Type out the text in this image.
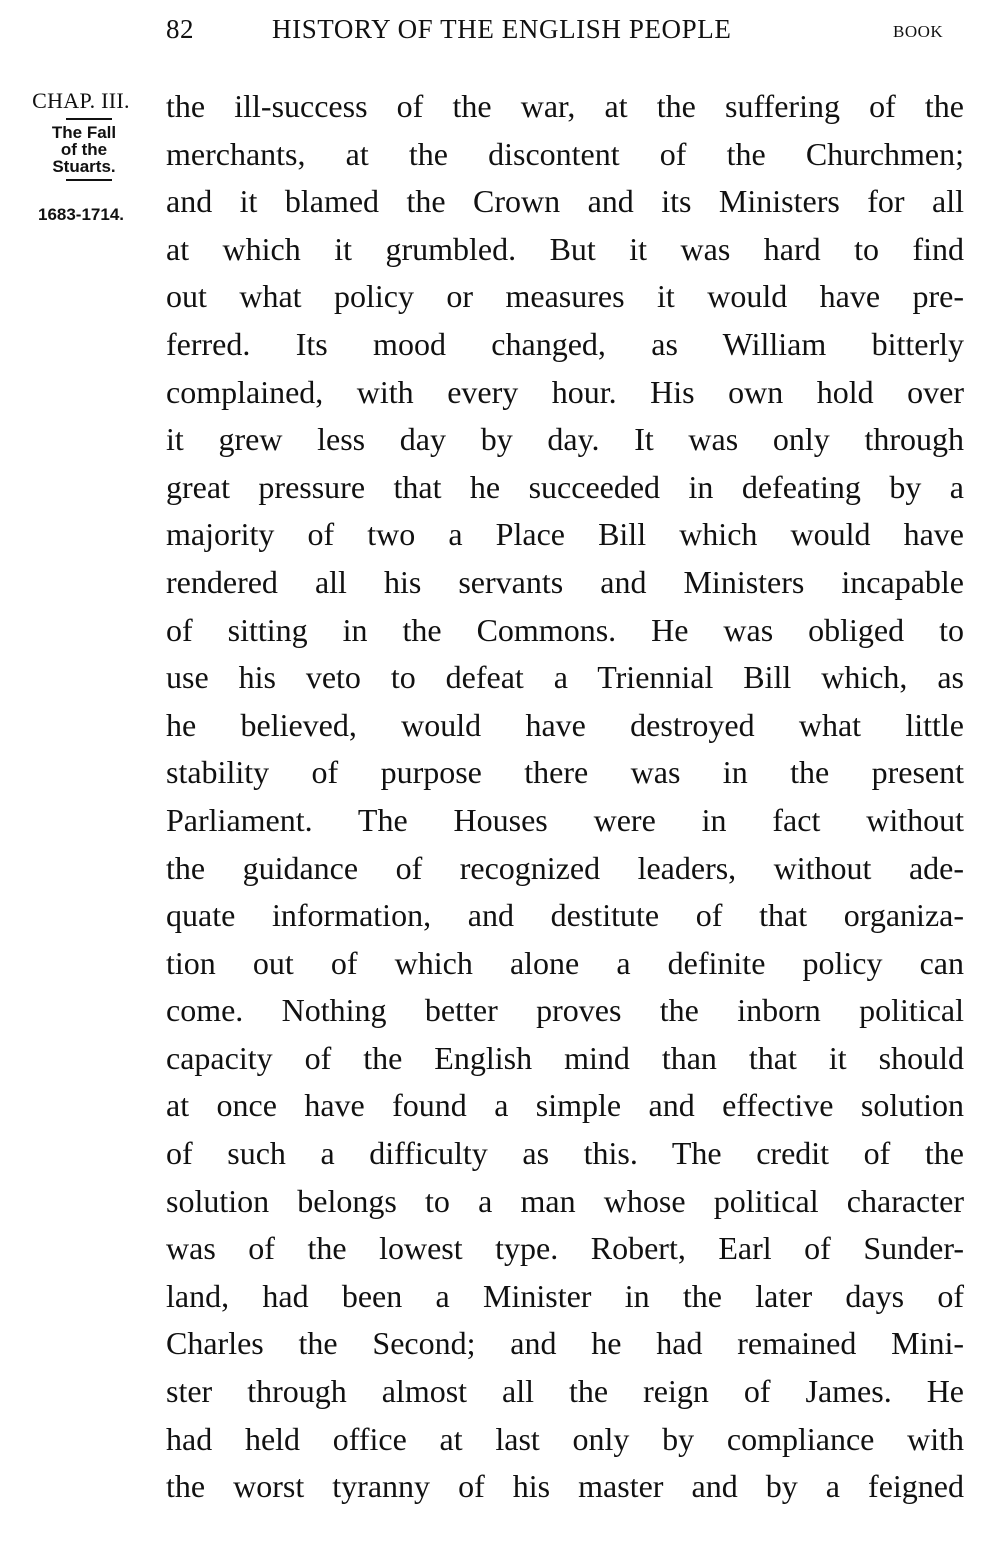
82	HISTORY OF THE ENGLISH PEOPLE	BOOK
CHAP. III.
The Fall
of the
Stuarts.
1683-1714.
the ill-success of the war, at the suffering of the
merchants, at the discontent of the Churchmen;
and it blamed the Crown and its Ministers for all
at which it grumbled. But it was hard to find
out what policy or measures it would have pre-
ferred. Its mood changed, as William bitterly
complained, with every hour. His own hold over
it grew less day by day. It was only through
great pressure that he succeeded in defeating by a
majority of two a Place Bill which would have
rendered all his servants and Ministers incapable
of sitting in the Commons. He was obliged to
use his veto to defeat a Triennial Bill which, as
he believed, would have destroyed what little
stability of purpose there was in the present
Parliament. The Houses were in fact without
the guidance of recognized leaders, without ade-
quate information, and destitute of that organiza-
tion out of which alone a definite policy can
come. Nothing better proves the inborn political
capacity of the English mind than that it should
at once have found a simple and effective solution
of such a difficulty as this. The credit of the
solution belongs to a man whose political character
was of the lowest type. Robert, Earl of Sunder-
land, had been a Minister in the later days of
Charles the Second; and he had remained Mini-
ster through almost all the reign of James. He
had held office at last only by compliance with
the worst tyranny of his master and by a feigned
